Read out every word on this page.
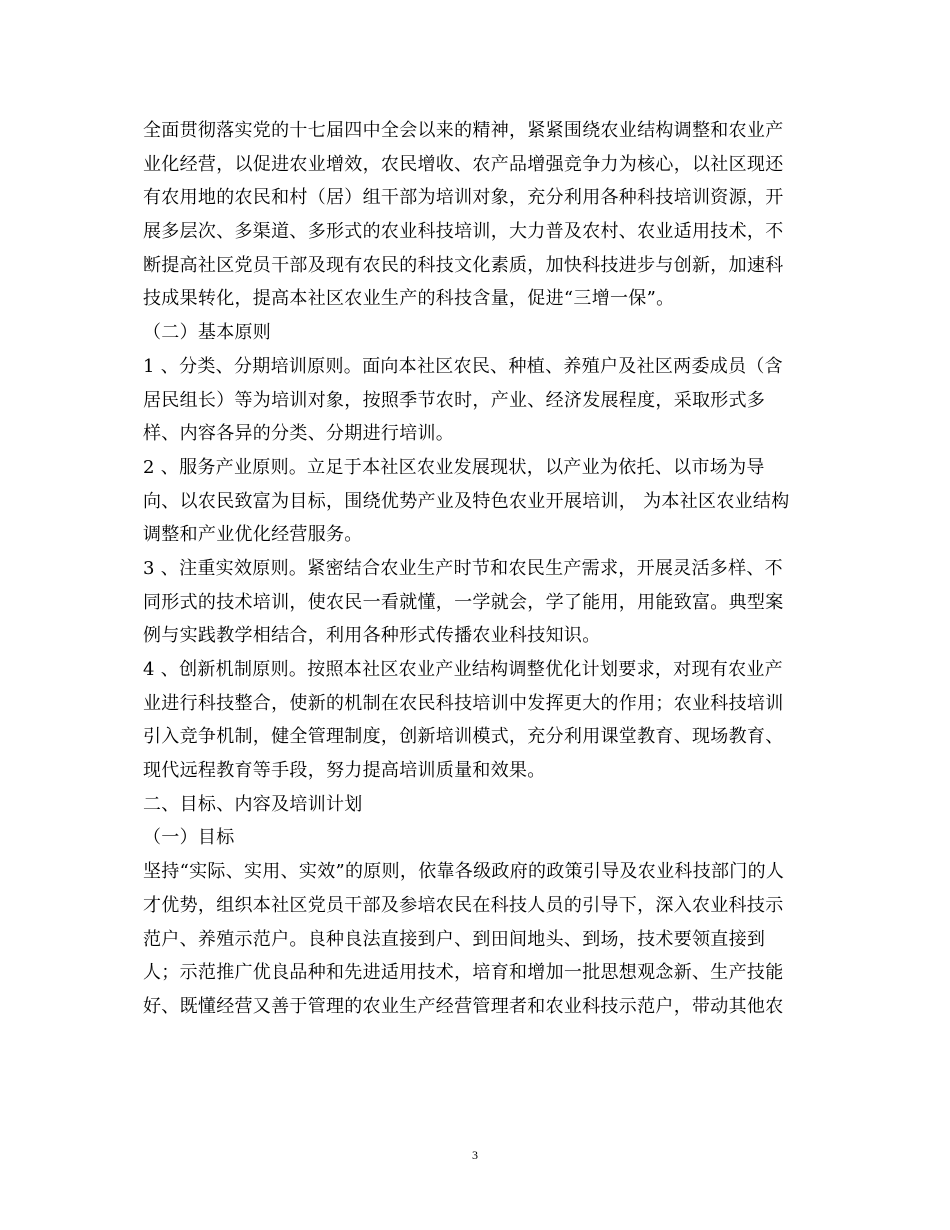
全面贯彻落实党的十七届四中全会以来的精神，紧紧围绕农业结构调整和农业产
业化经营，以促进农业增效，农民增收、农产品增强竞争力为核心，以社区现还
有农用地的农民和村（居）组干部为培训对象，充分利用各种科技培训资源，开
展多层次、多渠道、多形式的农业科技培训，大力普及农村、农业适用技术，不
断提高社区党员干部及现有农民的科技文化素质，加快科技进步与创新，加速科
技成果转化，提高本社区农业生产的科技含量，促进“三增一保”。
（二）基本原则
1 、分类、分期培训原则。面向本社区农民、种植、养殖户及社区两委成员（含
居民组长）等为培训对象，按照季节农时，产业、经济发展程度，采取形式多
样、内容各异的分类、分期进行培训。
2 、服务产业原则。立足于本社区农业发展现状，以产业为依托、以市场为导
向、以农民致富为目标，围绕优势产业及特色农业开展培训， 为本社区农业结构
调整和产业优化经营服务。
3 、注重实效原则。紧密结合农业生产时节和农民生产需求，开展灵活多样、不
同形式的技术培训，使农民一看就懂，一学就会，学了能用，用能致富。典型案
例与实践教学相结合，利用各种形式传播农业科技知识。
4 、创新机制原则。按照本社区农业产业结构调整优化计划要求，对现有农业产
业进行科技整合，使新的机制在农民科技培训中发挥更大的作用；农业科技培训
引入竞争机制，健全管理制度，创新培训模式，充分利用课堂教育、现场教育、
现代远程教育等手段，努力提高培训质量和效果。
二、目标、内容及培训计划
（一）目标
坚持“实际、实用、实效”的原则，依靠各级政府的政策引导及农业科技部门的人
才优势，组织本社区党员干部及参培农民在科技人员的引导下，深入农业科技示
范户、养殖示范户。良种良法直接到户、到田间地头、到场，技术要领直接到
人；示范推广优良品种和先进适用技术，培育和增加一批思想观念新、生产技能
好、既懂经营又善于管理的农业生产经营管理者和农业科技示范户，带动其他农
3
